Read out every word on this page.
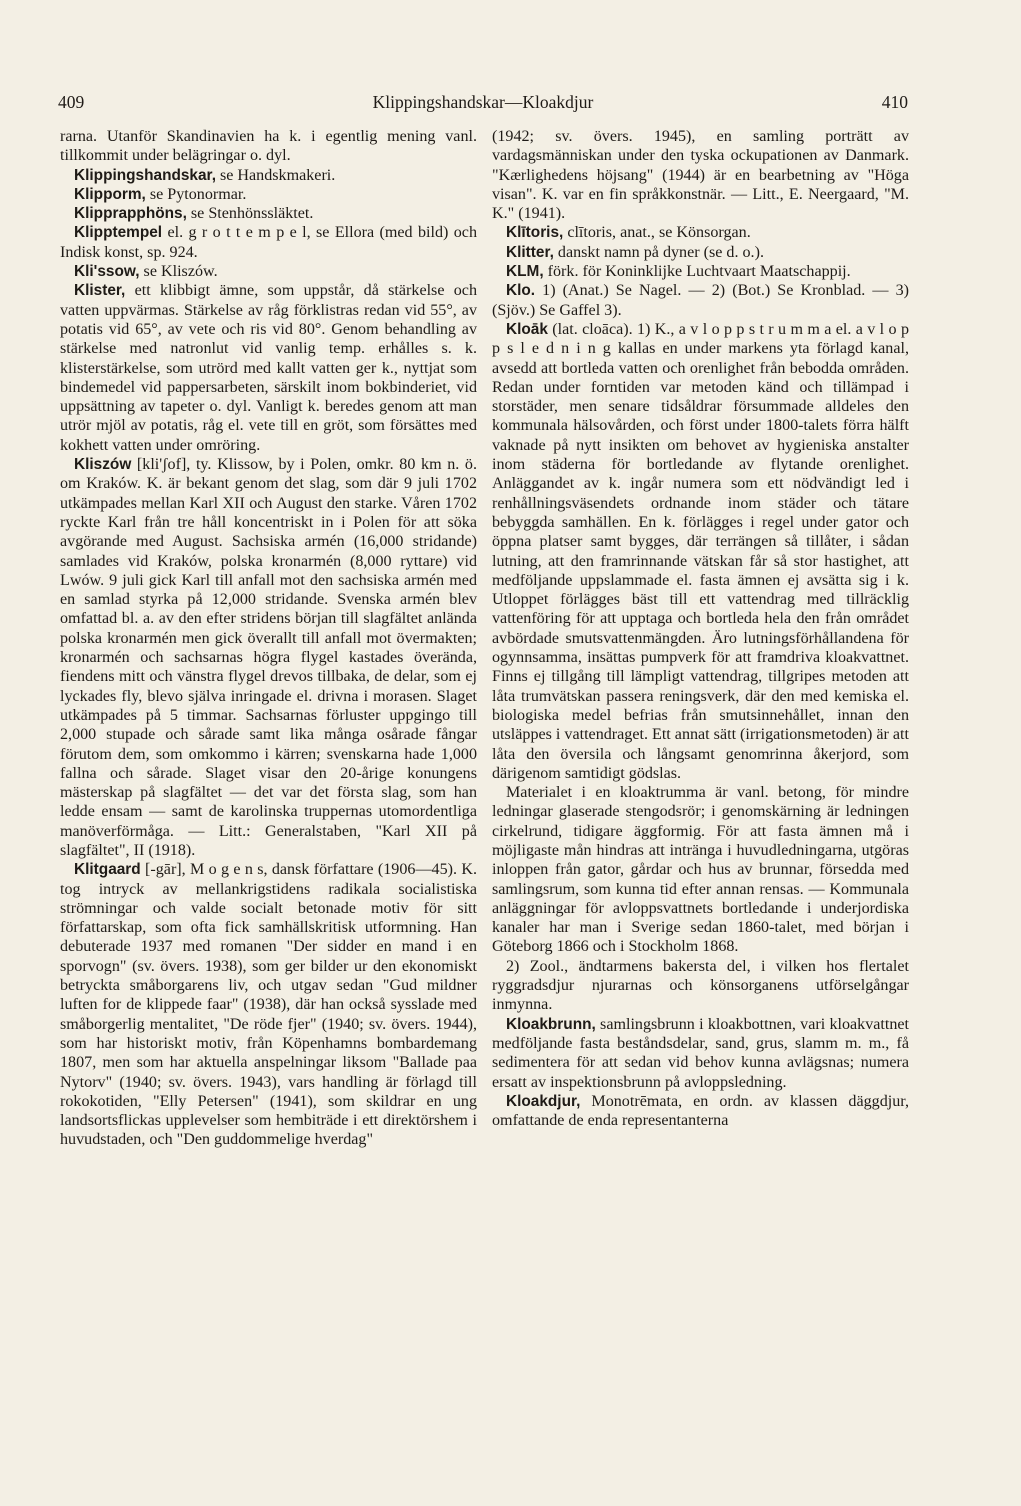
409	Klippingshandskar—Kloakdjur	410

rarna. Utanför Skandinavien ha k. i egentlig mening vanl. tillkommit under belägringar o. dyl.

Klippingshandskar, se Handskmakeri.

Klipporm, se Pytonormar.

Klipprapphöns, se Stenhönssläktet.

Klipptempel el. g r o t t e m p e l, se Ellora (med bild) och Indisk konst, sp. 924.

Kli'ssow, se Kliszów.

Klister, ett klibbigt ämne, som uppstår, då stärkelse och vatten uppvärmas. Stärkelse av råg förklistras redan vid 55°, av potatis vid 65°, av vete och ris vid 80°. Genom behandling av stärkelse med natronlut vid vanlig temp. erhålles s. k. klisterstärkelse, som utrörd med kallt vatten ger k., nyttjat som bindemedel vid pappersarbeten, särskilt inom bokbinderiet, vid uppsättning av tapeter o. dyl. Vanligt k. beredes genom att man utrör mjöl av potatis, råg el. vete till en gröt, som försättes med kokhett vatten under omröring.

Kliszów [kli'ʃof], ty. Klissow, by i Polen, omkr. 80 km n. ö. om Kraków. K. är bekant genom det slag, som där 9 juli 1702 utkämpades mellan Karl XII och August den starke. Våren 1702 ryckte Karl från tre håll koncentriskt in i Polen för att söka avgörande med August. Sachsiska armén (16,000 stridande) samlades vid Kraków, polska kronarmén (8,000 ryttare) vid Lwów. 9 juli gick Karl till anfall mot den sachsiska armén med en samlad styrka på 12,000 stridande. Svenska armén blev omfattad bl. a. av den efter stridens början till slagfältet anlända polska kronarmén men gick överallt till anfall mot övermakten; kronarmén och sachsarnas högra flygel kastades överända, fiendens mitt och vänstra flygel drevos tillbaka, de delar, som ej lyckades fly, blevo själva inringade el. drivna i morasen. Slaget utkämpades på 5 timmar. Sachsarnas förluster uppgingo till 2,000 stupade och sårade samt lika många osårade fångar förutom dem, som omkommo i kärren; svenskarna hade 1,000 fallna och sårade. Slaget visar den 20-årige konungens mästerskap på slagfältet — det var det första slag, som han ledde ensam — samt de karolinska truppernas utomordentliga manöverförmåga. — Litt.: Generalstaben, "Karl XII på slagfältet", II (1918).

Klitgaard [-gār], M o g e n s, dansk författare (1906—45). K. tog intryck av mellankrigstidens radikala socialistiska strömningar och valde socialt betonade motiv för sitt författarskap, som ofta fick samhällskritisk utformning. Han debuterade 1937 med romanen "Der sidder en mand i en sporvogn" (sv. övers. 1938), som ger bilder ur den ekonomiskt betryckta småborgarens liv, och utgav sedan "Gud mildner luften for de klippede faar" (1938), där han också sysslade med småborgerlig mentalitet, "De röde fjer" (1940; sv. övers. 1944), som har historiskt motiv, från Köpenhamns bombardemang 1807, men som har aktuella anspelningar liksom "Ballade paa Nytorv" (1940; sv. övers. 1943), vars handling är förlagd till rokokotiden, "Elly Petersen" (1941), som skildrar en ung landsortsflickas upplevelser som hembiträde i ett direktörshem i huvudstaden, och "Den guddommelige hverdag"

(1942; sv. övers. 1945), en samling porträtt av vardagsmänniskan under den tyska ockupationen av Danmark. "Kærlighedens höjsang" (1944) är en bearbetning av "Höga visan". K. var en fin språkkonstnär. — Litt., E. Neergaard, "M. K." (1941).

Klītoris, clītoris, anat., se Könsorgan.

Klitter, danskt namn på dyner (se d. o.).

KLM, förk. för Koninklijke Luchtvaart Maatschappij.

Klo. 1) (Anat.) Se Nagel. — 2) (Bot.) Se Kronblad. — 3) (Sjöv.) Se Gaffel 3).

Kloāk (lat. cloāca). 1) K., a v l o p p s t r u m m a el. a v l o p p s l e d n i n g kallas en under markens yta förlagd kanal, avsedd att bortleda vatten och orenlighet från bebodda områden. Redan under forntiden var metoden känd och tillämpad i storstäder, men senare tidsåldrar försummade alldeles den kommunala hälsovården, och först under 1800-talets förra hälft vaknade på nytt insikten om behovet av hygieniska anstalter inom städerna för bortledande av flytande orenlighet. Anläggandet av k. ingår numera som ett nödvändigt led i renhållningsväsendets ordnande inom städer och tätare bebyggda samhällen. En k. förlägges i regel under gator och öppna platser samt bygges, där terrängen så tillåter, i sådan lutning, att den framrinnande vätskan får så stor hastighet, att medföljande uppslammade el. fasta ämnen ej avsätta sig i k. Utloppet förlägges bäst till ett vattendrag med tillräcklig vattenföring för att upptaga och bortleda hela den från området avbördade smutsvattenmängden. Äro lutningsförhållandena för ogynnsamma, insättas pumpverk för att framdriva kloakvattnet. Finns ej tillgång till lämpligt vattendrag, tillgripes metoden att låta trumvätskan passera reningsverk, där den med kemiska el. biologiska medel befrias från smutsinnehållet, innan den utsläppes i vattendraget. Ett annat sätt (irrigationsmetoden) är att låta den översila och långsamt genomrinna åkerjord, som därigenom samtidigt gödslas.

Materialet i en kloaktrumma är vanl. betong, för mindre ledningar glaserade stengodsrör; i genomskärning är ledningen cirkelrund, tidigare äggformig. För att fasta ämnen må i möjligaste mån hindras att intränga i huvudledningarna, utgöras inloppen från gator, gårdar och hus av brunnar, försedda med samlingsrum, som kunna tid efter annan rensas. — Kommunala anläggningar för avloppsvattnets bortledande i underjordiska kanaler har man i Sverige sedan 1860-talet, med början i Göteborg 1866 och i Stockholm 1868.

2) Zool., ändtarmens bakersta del, i vilken hos flertalet ryggradsdjur njurarnas och könsorganens utförselgångar inmynna.

Kloakbrunn, samlingsbrunn i kloakbottnen, vari kloakvattnet medföljande fasta beståndsdelar, sand, grus, slamm m. m., få sedimentera för att sedan vid behov kunna avlägsnas; numera ersatt av inspektionsbrunn på avloppsledning.

Kloakdjur, Monotrēmata, en ordn. av klassen däggdjur, omfattande de enda representanterna
